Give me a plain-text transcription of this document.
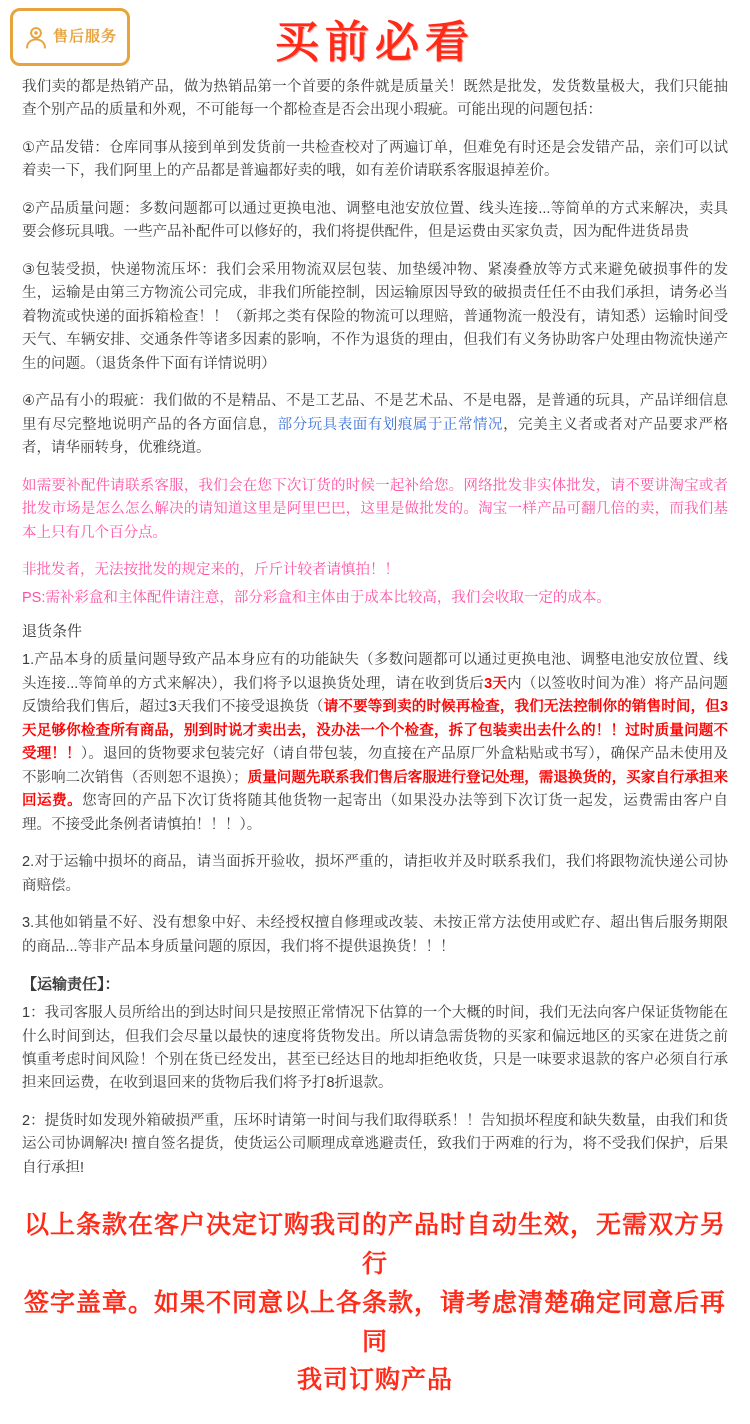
售后服务	买前必看

我们卖的都是热销产品，做为热销品第一个首要的条件就是质量关！既然是批发，发货数量极大，我们只能抽查个别产品的质量和外观，不可能每一个都检查是否会出现小瑕疵。可能出现的问题包括：

①产品发错：仓库同事从接到单到发货前一共检查校对了两遍订单，但难免有时还是会发错产品，亲们可以试着卖一下，我们阿里上的产品都是普遍都好卖的哦，如有差价请联系客服退掉差价。

②产品质量问题：多数问题都可以通过更换电池、调整电池安放位置、线头连接...等简单的方式来解决，卖具要会修玩具哦。一些产品补配件可以修好的，我们将提供配件，但是运费由买家负责，因为配件进货昂贵

③包装受损，快递物流压坏：我们会采用物流双层包装、加垫缓冲物、紧凑叠放等方式来避免破损事件的发生，运输是由第三方物流公司完成，非我们所能控制，因运输原因导致的破损责任任不由我们承担，请务必当着物流或快递的面拆箱检查！！（新邦之类有保险的物流可以理赔，普通物流一般没有，请知悉）运输时间受天气、车辆安排、交通条件等诸多因素的影响，不作为退货的理由，但我们有义务协助客户处理由物流快递产生的问题。（退货条件下面有详情说明）

④产品有小的瑕疵：我们做的不是精品、不是工艺品、不是艺术品、不是电器，是普通的玩具，产品详细信息里有尽完整地说明产品的各方面信息，部分玩具表面有划痕属于正常情况，完美主义者或者对产品要求严格者，请华丽转身，优雅绕道。

如需要补配件请联系客服，我们会在您下次订货的时候一起补给您。网络批发非实体批发，请不要讲淘宝或者批发市场是怎么怎么解决的请知道这里是阿里巴巴，这里是做批发的。淘宝一样产品可翻几倍的卖，而我们基本上只有几个百分点。

非批发者，无法按批发的规定来的，斤斤计较者请慎拍！！

PS:需补彩盒和主体配件请注意，部分彩盒和主体由于成本比较高，我们会收取一定的成本。

退货条件

1.产品本身的质量问题导致产品本身应有的功能缺失（多数问题都可以通过更换电池、调整电池安放位置、线头连接...等简单的方式来解决），我们将予以退换货处理，请在收到货后3天内（以签收时间为准）将产品问题反馈给我们售后，超过3天我们不接受退换货（请不要等到卖的时候再检查，我们无法控制你的销售时间，但3天足够你检查所有商品，别到时说才卖出去，没办法一个个检查，拆了包装卖出去什么的！！过时质量问题不受理！！）。退回的货物要求包装完好（请自带包装，勿直接在产品原厂外盒粘贴或书写），确保产品未使用及不影响二次销售（否则恕不退换）；质量问题先联系我们售后客服进行登记处理，需退换货的，买家自行承担来回运费。您寄回的产品下次订货将随其他货物一起寄出（如果没办法等到下次订货一起发，运费需由客户自理。不接受此条例者请慎拍！！！）。

2.对于运输中损坏的商品，请当面拆开验收，损坏严重的，请拒收并及时联系我们，我们将跟物流快递公司协商赔偿。

3.其他如销量不好、没有想象中好、未经授权擅自修理或改装、未按正常方法使用或贮存、超出售后服务期限的商品...等非产品本身质量问题的原因，我们将不提供退换货！！！

【运输责任】：

1：我司客服人员所给出的到达时间只是按照正常情况下估算的一个大概的时间，我们无法向客户保证货物能在什么时间到达，但我们会尽量以最快的速度将货物发出。所以请急需货物的买家和偏远地区的买家在进货之前慎重考虑时间风险！个别在货已经发出，甚至已经达目的地却拒绝收货，只是一味要求退款的客户必须自行承担来回运费，在收到退回来的货物后我们将予打8折退款。

2：提货时如发现外箱破损严重，压坏时请第一时间与我们取得联系！！告知损坏程度和缺失数量，由我们和货运公司协调解决! 擅自签名提货，使货运公司顺理成章逃避责任，致我们于两难的行为，将不受我们保护，后果自行承担!

以上条款在客户决定订购我司的产品时自动生效，无需双方另行
签字盖章。如果不同意以上各条款，请考虑清楚确定同意后再同
我司订购产品
